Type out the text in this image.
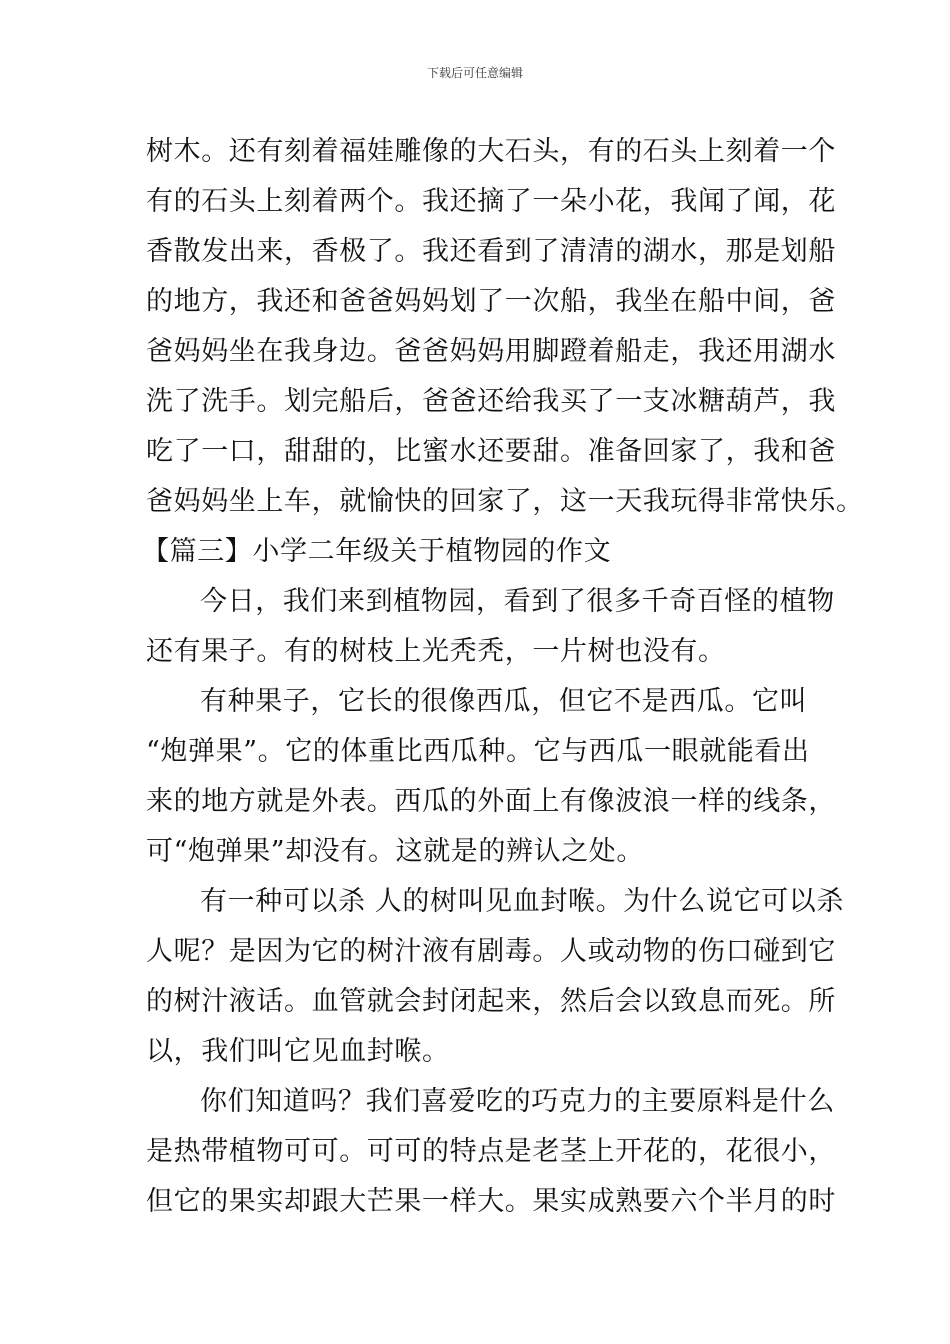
下载后可任意编辑
树木。还有刻着福娃雕像的大石头，有的石头上刻着一个
有的石头上刻着两个。我还摘了一朵小花，我闻了闻，花
香散发出来，香极了。我还看到了清清的湖水，那是划船
的地方，我还和爸爸妈妈划了一次船，我坐在船中间，爸
爸妈妈坐在我身边。爸爸妈妈用脚蹬着船走，我还用湖水
洗了洗手。划完船后，爸爸还给我买了一支冰糖葫芦，我
吃了一口，甜甜的，比蜜水还要甜。准备回家了，我和爸
爸妈妈坐上车，就愉快的回家了，这一天我玩得非常快乐。
【篇三】小学二年级关于植物园的作文
今日，我们来到植物园，看到了很多千奇百怪的植物
还有果子。有的树枝上光秃秃，一片树也没有。
有种果子，它长的很像西瓜，但它不是西瓜。它叫
“炮弹果”。它的体重比西瓜种。它与西瓜一眼就能看出
来的地方就是外表。西瓜的外面上有像波浪一样的线条，
可“炮弹果”却没有。这就是的辨认之处。
有一种可以杀 人的树叫见血封喉。为什么说它可以杀
人呢？是因为它的树汁液有剧毒。人或动物的伤口碰到它
的树汁液话。血管就会封闭起来，然后会以致息而死。所
以，我们叫它见血封喉。
你们知道吗？我们喜爱吃的巧克力的主要原料是什么
是热带植物可可。可可的特点是老茎上开花的，花很小，
但它的果实却跟大芒果一样大。果实成熟要六个半月的时
